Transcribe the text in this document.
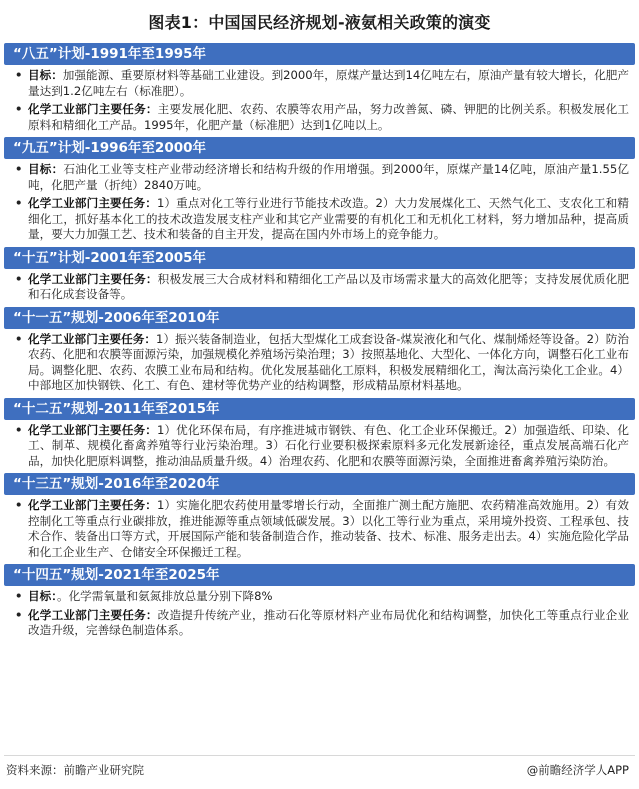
图表1：中国国民经济规划-液氨相关政策的演变
“八五”计划-1991年至1995年
• 目标：加强能源、重要原材料等基础工业建设。到2000年，原煤产量达到14亿吨左右，原油产量有较大增长，化肥产量达到1.2亿吨左右（标准肥）。
• 化学工业部门主要任务：主要发展化肥、农药、农膜等农用产品，努力改善氮、磷、钾肥的比例关系。积极发展化工原料和精细化工产品。1995年，化肥产量（标准肥）达到1亿吨以上。
“九五”计划-1996年至2000年
• 目标：石油化工业等支柱产业带动经济增长和结构升级的作用增强。到2000年，原煤产量14亿吨，原油产量1.55亿吨，化肥产量（折纯）2840万吨。
• 化学工业部门主要任务：1）重点对化工等行业进行节能技术改造。2）大力发展煤化工、天然气化工、支农化工和精细化工，抓好基本化工的技术改造发展支柱产业和其它产业需要的有机化工和无机化工材料，努力增加品种，提高质量，要大力加强工艺、技术和装备的自主开发，提高在国内外市场上的竞争能力。
“十五”计划-2001年至2005年
• 化学工业部门主要任务：积极发展三大合成材料和精细化工产品以及市场需求量大的高效化肥等；支持发展优质化肥和石化成套设备等。
“十一五”规划-2006年至2010年
• 化学工业部门主要任务：1）振兴装备制造业，包括大型煤化工成套设备-煤炭液化和气化、煤制烯烃等设备。2）防治农药、化肥和农膜等面源污染，加强规模化养殖场污染治理；3）按照基地化、大型化、一体化方向，调整石化工业布局。调整化肥、农药、农膜工业布局和结构。优化发展基础化工原料，积极发展精细化工，淘汰高污染化工企业。4）中部地区加快钢铁、化工、有色、建材等优势产业的结构调整，形成精品原材料基地。
“十二五”规划-2011年至2015年
• 化学工业部门主要任务：1）优化环保布局，有序推进城市钢铁、有色、化工企业环保搬迁。2）加强造纸、印染、化工、制革、规模化畜禽养殖等行业污染治理。3）石化行业要积极探索原料多元化发展新途径，重点发展高端石化产品，加快化肥原料调整，推动油品质量升级。4）治理农药、化肥和农膜等面源污染，全面推进畜禽养殖污染防治。
“十三五”规划-2016年至2020年
• 化学工业部门主要任务：1）实施化肥农药使用量零增长行动，全面推广测土配方施肥、农药精准高效施用。2）有效控制化工等重点行业碳排放，推进能源等重点领域低碳发展。3）以化工等行业为重点，采用境外投资、工程承包、技术合作、装备出口等方式，开展国际产能和装备制造合作，推动装备、技术、标准、服务走出去。4）实施危险化学品和化工企业生产、仓储安全环保搬迁工程。
“十四五”规划-2021年至2025年
• 目标：。化学需氧量和氨氮排放总量分别下降8%
• 化学工业部门主要任务：改造提升传统产业，推动石化等原材料产业布局优化和结构调整，加快化工等重点行业企业改造升级，完善绿色制造体系。
资料来源：前瞻产业研究院	@前瞻经济学人APP
